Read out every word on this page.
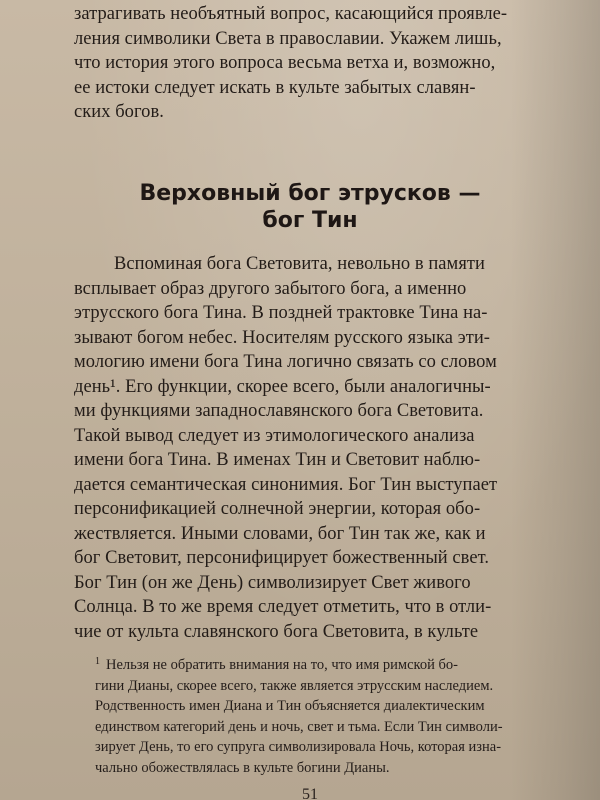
затрагивать необъятный вопрос, касающийся проявле-
ления символики Света в православии. Укажем лишь,
что история этого вопроса весьма ветха и, возможно,
ее истоки следует искать в культе забытых славян-
ских богов.
Верховный бог этрусков —
бог Тин
Вспоминая бога Световита, невольно в памяти
всплывает образ другого забытого бога, а именно
этрусского бога Тина. В поздней трактовке Тина на-
зывают богом небес. Носителям русского языка эти-
мологию имени бога Тина логично связать со словом
день¹. Его функции, скорее всего, были аналогичны-
ми функциями западнославянского бога Световита.
Такой вывод следует из этимологического анализа
имени бога Тина. В именах Тин и Световит наблю-
дается семантическая синонимия. Бог Тин выступает
персонификацией солнечной энергии, которая обо-
жествляется. Иными словами, бог Тин так же, как и
бог Световит, персонифицирует божественный свет.
Бог Тин (он же День) символизирует Свет живого
Солнца. В то же время следует отметить, что в отли-
чие от культа славянского бога Световита, в культе
$^1$ Нельзя не обратить внимания на то, что имя римской бо-
гини Дианы, скорее всего, также является этрусским наследием.
Родственность имен Диана и Тин объясняется диалектическим
единством категорий день и ночь, свет и тьма. Если Тин символи-
зирует День, то его супруга символизировала Ночь, которая изна-
чально обожествлялась в культе богини Дианы.
51
